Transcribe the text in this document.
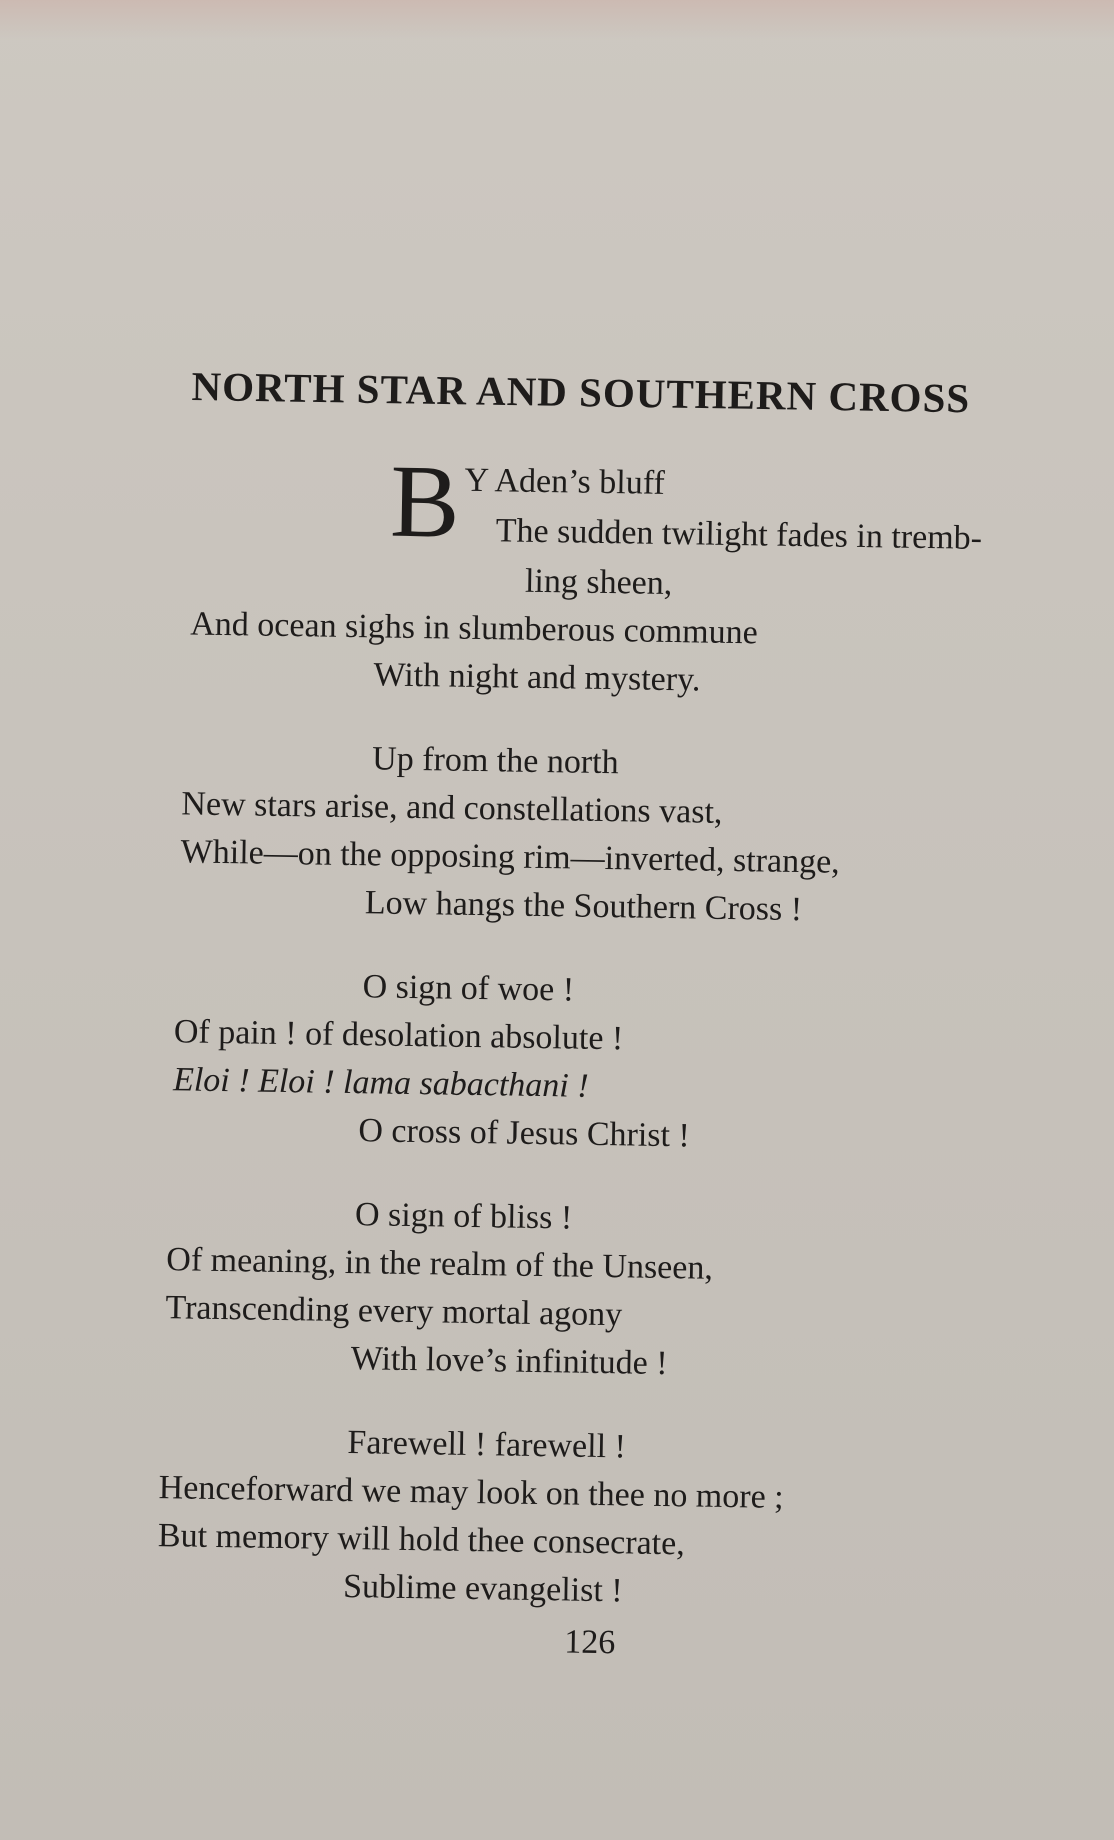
NORTH STAR AND SOUTHERN CROSS
B Y Aden’s bluff
The sudden twilight fades in tremb-
ling sheen,
And ocean sighs in slumberous commune
With night and mystery.
Up from the north
New stars arise, and constellations vast,
While—on the opposing rim—inverted, strange,
Low hangs the Southern Cross !
O sign of woe !
Of pain ! of desolation absolute !
Eloi ! Eloi ! lama sabacthani !
O cross of Jesus Christ !
O sign of bliss !
Of meaning, in the realm of the Unseen,
Transcending every mortal agony
With love’s infinitude !
Farewell ! farewell !
Henceforward we may look on thee no more ;
But memory will hold thee consecrate,
Sublime evangelist !
126
